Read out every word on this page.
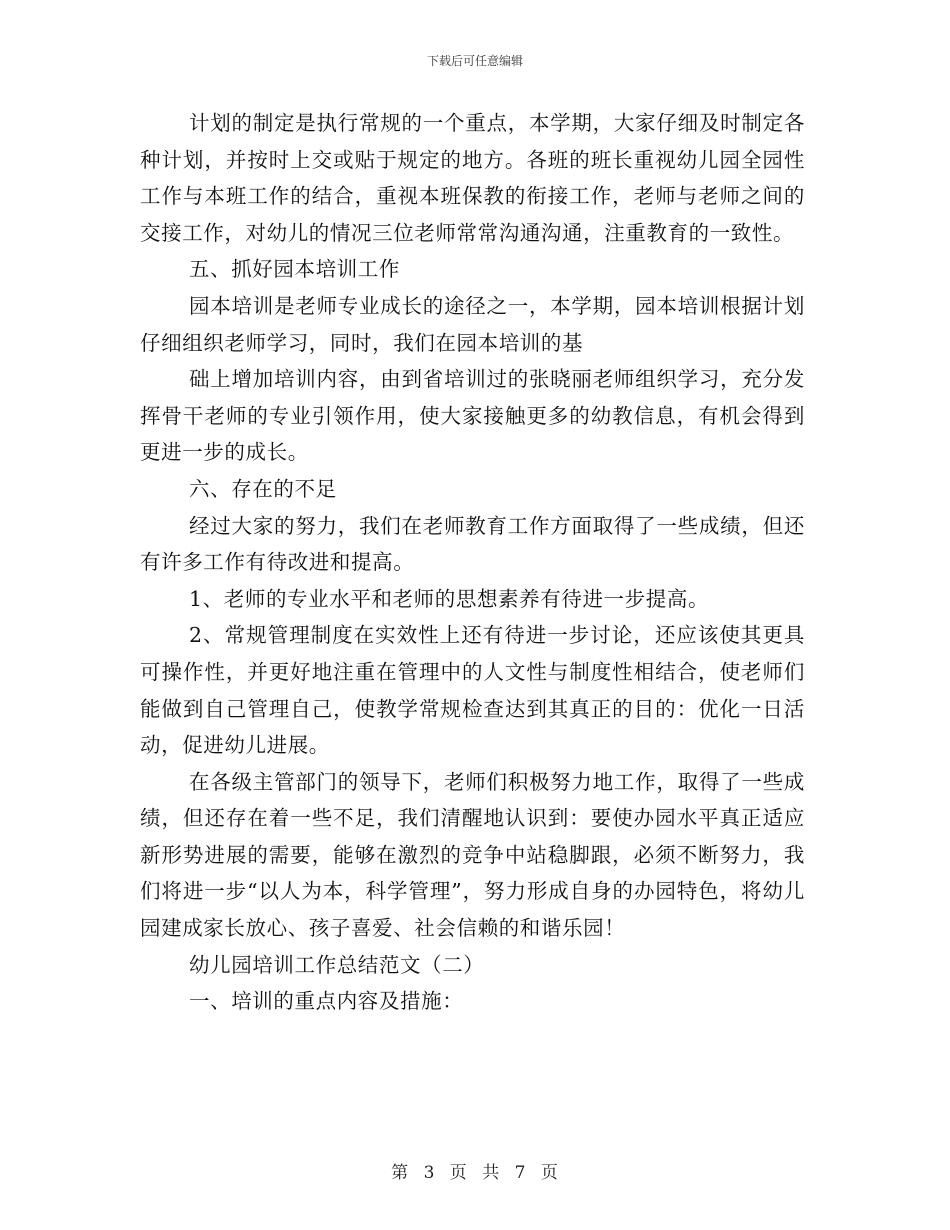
下载后可任意编辑

计划的制定是执行常规的一个重点，本学期，大家仔细及时制定各种计划，并按时上交或贴于规定的地方。各班的班长重视幼儿园全园性工作与本班工作的结合，重视本班保教的衔接工作，老师与老师之间的交接工作，对幼儿的情况三位老师常常沟通沟通，注重教育的一致性。

五、抓好园本培训工作

园本培训是老师专业成长的途径之一，本学期，园本培训根据计划仔细组织老师学习，同时，我们在园本培训的基

础上增加培训内容，由到省培训过的张晓丽老师组织学习，充分发挥骨干老师的专业引领作用，使大家接触更多的幼教信息，有机会得到更进一步的成长。

六、存在的不足

经过大家的努力，我们在老师教育工作方面取得了一些成绩，但还有许多工作有待改进和提高。

1、老师的专业水平和老师的思想素养有待进一步提高。

2、常规管理制度在实效性上还有待进一步讨论，还应该使其更具可操作性，并更好地注重在管理中的人文性与制度性相结合，使老师们能做到自己管理自己，使教学常规检查达到其真正的目的：优化一日活动，促进幼儿进展。

在各级主管部门的领导下，老师们积极努力地工作，取得了一些成绩，但还存在着一些不足，我们清醒地认识到：要使办园水平真正适应新形势进展的需要，能够在激烈的竞争中站稳脚跟，必须不断努力，我们将进一步“以人为本，科学管理”，努力形成自身的办园特色，将幼儿园建成家长放心、孩子喜爱、社会信赖的和谐乐园！

幼儿园培训工作总结范文（二）

一、培训的重点内容及措施：

第 3 页 共 7 页
